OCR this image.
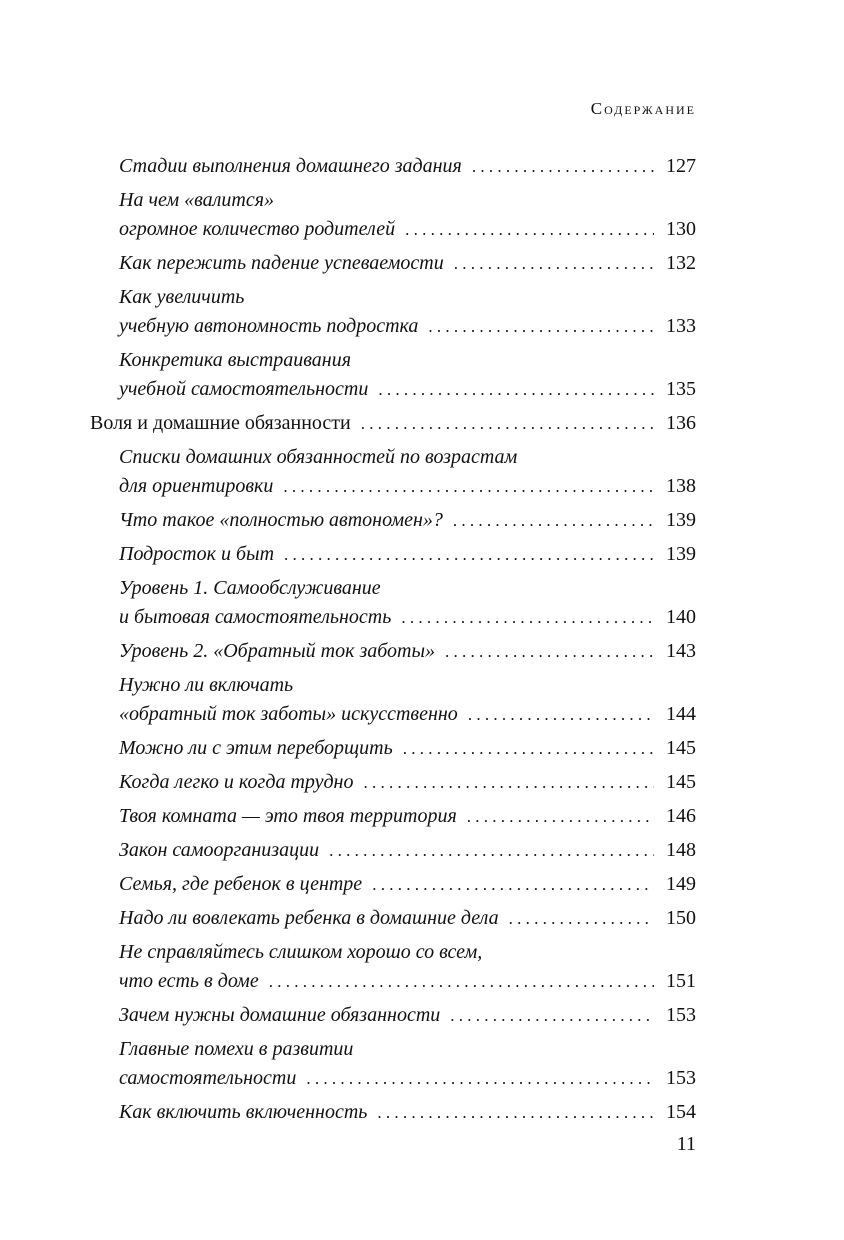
Содержание
Стадии выполнения домашнего задания . . .	127
На чем «валится»
огромное количество родителей . . .	130
Как пережить падение успеваемости . . .	132
Как увеличить
учебную автономность подростка . . .	133
Конкретика выстраивания
учебной самостоятельности . . .	135
Воля и домашние обязанности . . .	136
Списки домашних обязанностей по возрастам
для ориентировки . . .	138
Что такое «полностью автономен»? . . .	139
Подросток и быт . . .	139
Уровень 1. Самообслуживание
и бытовая самостоятельность . . .	140
Уровень 2. «Обратный ток заботы» . . .	143
Нужно ли включать
«обратный ток заботы» искусственно . . .	144
Можно ли с этим переборщить . . .	145
Когда легко и когда трудно . . .	145
Твоя комната — это твоя территория . . .	146
Закон самоорганизации . . .	148
Семья, где ребенок в центре . . .	149
Надо ли вовлекать ребенка в домашние дела . . .	150
Не справляйтесь слишком хорошо со всем,
что есть в доме . . .	151
Зачем нужны домашние обязанности . . .	153
Главные помехи в развитии
самостоятельности . . .	153
Как включить включенность . . .	154
11
